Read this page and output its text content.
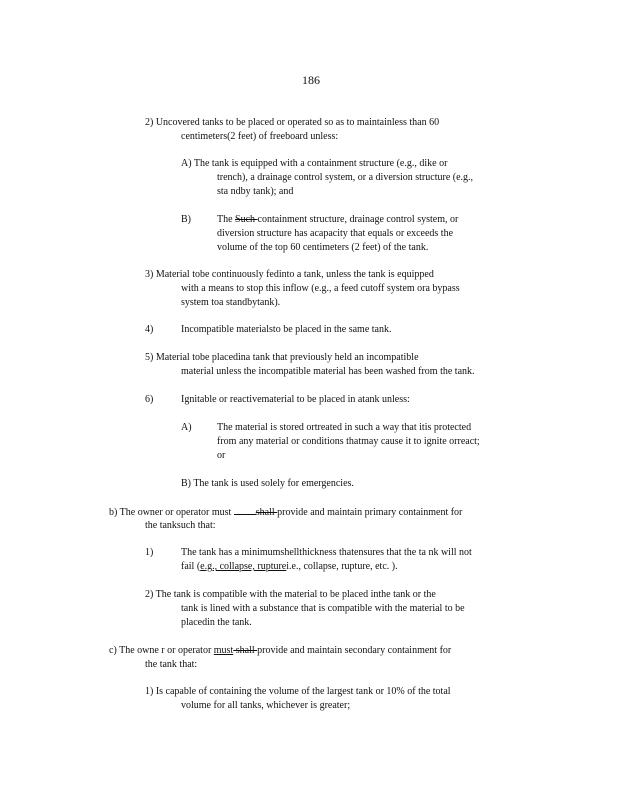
186
2) Uncovered tanks to be placed or operated so as to maintainless than 60
centimeters(2 feet) of freeboard unless:
A) The tank is equipped with a containment structure (e.g., dike or
trench), a drainage control system, or a diversion structure (e.g.,
sta ndby tank); and
B)	The Such containment structure, drainage control system, or
diversion structure has acapacity that equals or exceeds the
volume of the top 60 centimeters (2 feet) of the tank.
3) Material tobe continuously fedinto a tank, unless the tank is equipped
with a means to stop this inflow (e.g., a feed cutoff system ora bypass
system toa standbytank).
4)	Incompatible materialsto be placed in the same tank.
5) Material tobe placedina tank that previously held an incompatible
material unless the incompatible material has been washed from the tank.
6)	Ignitable or reactivematerial to be placed in atank unless:
A)	The material is stored ortreated in such a way that itis protected
from any material or conditions thatmay cause it to ignite orreact;
or
B) The tank is used solely for emergencies.
b) The owner or operator must shall provide and maintain primary containment for
the tanksuch that:
1)	The tank has a minimumshellthickness thatensures that the ta nk will not
fail (e.g., collapse, rupturei.e., collapse, rupture, etc. ).
2) The tank is compatible with the material to be placed inthe tank or the
tank is lined with a substance that is compatible with the material to be
placedin the tank.
c) The owne r or operator must shall provide and maintain secondary containment for
the tank that:
1) Is capable of containing the volume of the largest tank or 10% of the total
volume for all tanks, whichever is greater;
